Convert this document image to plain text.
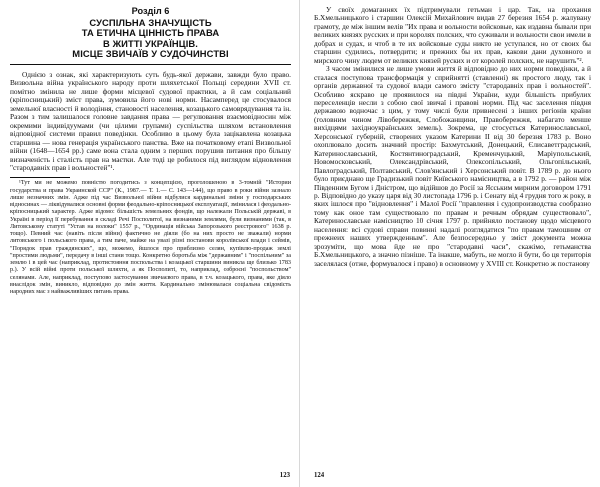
Розділ 6
СУСПІЛЬНА ЗНАЧУЩІСТЬ
ТА ЕТИЧНА ЦІННІСТЬ ПРАВА
В ЖИТТІ УКРАЇНЦІВ.
МІСЦЕ ЗВИЧАЇВ У СУДОЧИНСТВІ

Однією з ознак, які характеризують суть будь-якої держави, завжди було право. Визвольна війна українського народу проти шляхетської Польщі середини XVII ст. помітно змінила не лише форми місцевої судової практики, а й сам соціальний (кріпосницький) зміст права, зумовила його нові норми. Насамперед це стосувалося земельної власності й володіння, становості населення, козацького самоврядування та ін. Разом з тим залишалося головне завдання права — регулювання взаємовідносин між окремими індивідуумами (чи цілими групами) суспільства шляхом встановлення відповідної системи правил поведінки. Особливо в цьому була зацікавлена козацька старшина — нова генерація українського панства. Вже на початковому етапі Визвольної війни (1648—1654 рр.) саме вона стала одним з перших порушив питання про більшу визначеність і сталість прав на маєтки. Але тоді це робилося під виглядом відновлення "стародавніх прав і вольностей"¹.

¹Тут ми не можемо повністю погодитись з концепцією, проголошеною в 3-томній "Истории государства и права Украинской ССР" (К., 1987.— Т. 1.— С. 143—144), що право в роки війни зазнало лише незначних змін. Адже під час Визвольної війни відбулися кардинальні зміни у господарських відносинах — ліквідувалися основні форми феодально-кріпосницької експлуатації, змінилася і феодально-кріпосницький характер. Адже відомо: більшість земельних фондів, що належали Польській державі, в Україні в період її перебування в складі Речі Посполитої, на визнаними землями, були визнаними (так, в Литовському статуті "Устав на волоки" 1557 р., "Ординація війська Запорозького реєстрового" 1638 р. тощо). Певний час (навіть після війни) фактично не діяли (бо на них просто не зважали) норми литовського і польського права, а тим паче, майже на увазі різні постанови королівської влади і сеймів, "Порядок прав граждянских", що, можемо, йшлося про приблизно селян, купівлю-продаж землі "простими людьми", передачу в інші стани тощо. Конкретно боротьба між "державним" і "поспільним" за землю і в цей час (наприклад, протистояння поспольства і козацької старшини виникла ще близько 1783 р.). У всій війні проти польської шляхти, а як Посполиті, то, наприклад, озброєні "поспольством" селянами. Але, наприклад, поступово застосування звичаєвого права, в т.ч. козацького, права, яке діяло внаслідок змін, виникло, відповідно до змін життя. Кардинально змінювалася соціальна свідомість народних мас з найважливіших питань права.

123

У своїх домаганнях їх підтримували гетьман і цар. Так, на прохання Б.Хмельницького і старшин Олексій Михайлович видав 27 березня 1654 р. жалувану грамоту, де між іншим велів "Их права и вольности войсковые, как издавна бывали при великих князях русских и при королях полских, что суживали и вольности свои имели в добрах и судах, и чтоб в те их войсковые суды никто не уступался, но от своих бы старшин судились, потвердити; и прежних бы их прав, какови дани духовного и мирского чину людем от великих князей руских и от королей полских, не нарушить"².

З часом змінилися не лише умови життя й відповідно до них норми поведінки, а й сталася поступова трансформація у сприйнятті (ставленні) як простого люду, так і органів державної та судової влади самого змісту "стародавніх прав і вольностей". Особливо яскраво це проявилося на півдні України, куди більшість прибулих переселенців несли з собою свої звичаї і правові норми. Під час заселення півдня державою водночас з цим, у тому числі були привнесені з інших регіонів країни (головним чином Лівобережжя, Слобожанщини, Правобережжя, набагато менше вихідцями західноукраїнських земель). Зокрема, це стосується Катеринославської, Херсонської губерній, створених указом Катерини ІІ від 30 березня 1783 р. Воно охоплювало досить значний простір: Бахмутський, Донецький, Єлисаветградський, Катеринославський, Костянтиноградський, Кременчуцький, Маріупольський, Новомосковський, Олександрівський, Олексопільський, Ольгопільський, Павлоградський, Полтавський, Слов'янський і Херсонський повіт. В 1789 р. до нього було приєднано ще Градизький повіт Київського намісництва, а в 1792 р. — район між Південним Бугом і Дністром, що відійшов до Росії за Ясським мирним договором 1791 р. Відповідно до указу царя від 30 листопада 1796 р. і Сенату від 4 грудня того ж року, в яких ішлося про "відновлення" і Малої Росії "правлення і судопроизводства сообразно тому как оное там существовало по правам и речным обрядам существовало", Катеринославське намісництво 10 січня 1797 р. прийняло постанову щодо місцевого населення: всі судові справи повинні надалі розглядатися "по правам тамошним от прежнеих наших утвержденным". Але безпосередньо у зміст документа можна зрозуміти, що мова йде не про "стародавні часи", скажімо, гетьманства Б.Хмельницького, а значно пізніше. Та інакше, мабуть, не могло й бути, бо ця територія заселялася (отже, формувалося і право) в основному у XVIII ст. Конкретно ж постанову

124
